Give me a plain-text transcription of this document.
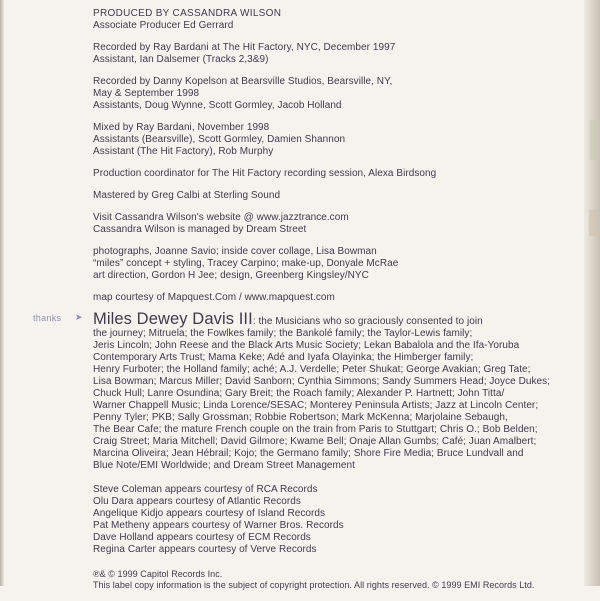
thanks ➤
PRODUCED BY CASSANDRA WILSON
Associate Producer Ed Gerrard
Recorded by Ray Bardani at The Hit Factory, NYC, December 1997
Assistant, Ian Dalsemer (Tracks 2,3&9)
Recorded by Danny Kopelson at Bearsville Studios, Bearsville, NY,
May & September 1998
Assistants, Doug Wynne, Scott Gormley, Jacob Holland
Mixed by Ray Bardani, November 1998
Assistants (Bearsville), Scott Gormley, Damien Shannon
Assistant (The Hit Factory), Rob Murphy
Production coordinator for The Hit Factory recording session, Alexa Birdsong
Mastered by Greg Calbi at Sterling Sound
Visit Cassandra Wilson's website @ www.jazztrance.com
Cassandra Wilson is managed by Dream Street
photographs, Joanne Savio; inside cover collage, Lisa Bowman
“miles” concept + styling, Tracey Carpino; make-up, Donyale McRae
art direction, Gordon H Jee; design, Greenberg Kingsley/NYC
map courtesy of Mapquest.Com / www.mapquest.com
Miles Dewey Davis III: the Musicians who so graciously consented to join
the journey; Mitruela; the Fowlkes family; the Bankolé family; the Taylor-Lewis family;
Jeris Lincoln; John Reese and the Black Arts Music Society; Lekan Babalola and the Ifa-Yoruba
Contemporary Arts Trust; Mama Keke; Adé and Iyafa Olayinka; the Himberger family;
Henry Furboter; the Holland family; aché; A.J. Verdelle; Peter Shukat; George Avakian; Greg Tate;
Lisa Bowman; Marcus Miller; David Sanborn; Cynthia Simmons; Sandy Summers Head; Joyce Dukes;
Chuck Hull; Lanre Osundina; Gary Breit; the Roach family; Alexander P. Hartnett; John Titta/
Warner Chappell Music; Linda Lorence/SESAC; Monterey Peninsula Artists; Jazz at Lincoln Center;
Penny Tyler; PKB; Sally Grossman; Robbie Robertson; Mark McKenna; Marjolaine Sebaugh,
The Bear Cafe; the mature French couple on the train from Paris to Stuttgart; Chris O.; Bob Belden;
Craig Street; Maria Mitchell; David Gilmore; Kwame Bell; Onaje Allan Gumbs; Café; Juan Amalbert;
Marcina Oliveira; Jean Hébrail; Kojo; the Germano family; Shore Fire Media; Bruce Lundvall and
Blue Note/EMI Worldwide; and Dream Street Management
Steve Coleman appears courtesy of RCA Records
Olu Dara appears courtesy of Atlantic Records
Angelique Kidjo appears courtesy of Island Records
Pat Metheny appears courtesy of Warner Bros. Records
Dave Holland appears courtesy of ECM Records
Regina Carter appears courtesy of Verve Records
℗& © 1999 Capitol Records Inc.
This label copy information is the subject of copyright protection. All rights reserved. © 1999 EMI Records Ltd.
